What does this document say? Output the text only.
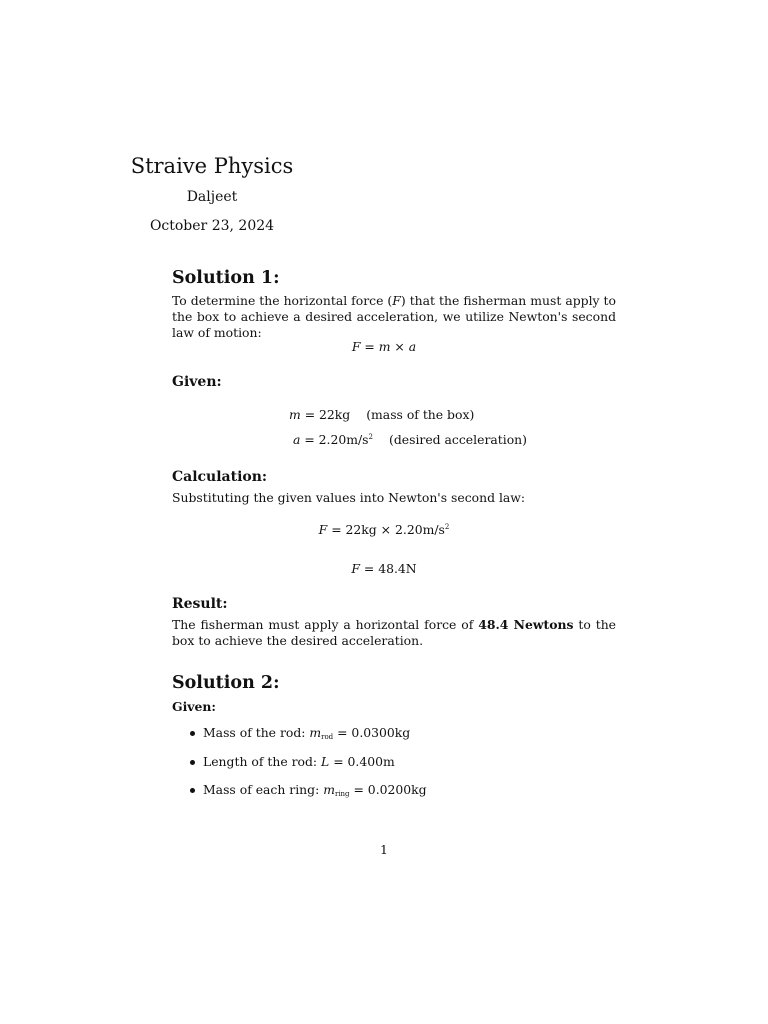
Straive Physics
Daljeet
October 23, 2024
Solution 1:

To determine the horizontal force (F) that the fisherman must apply to the box to achieve a desired acceleration, we utilize Newton's second law of motion:

F = m × a
Given:
m = 22kg (mass of the box)
$a = 2.20m/s^2$ (desired acceleration)
Calculation:
Substituting the given values into Newton's second law:
$F = 22kg \times 2.20m/s^2$
F = 48.4N
Result:

The fisherman must apply a horizontal force of 48.4 Newtons to the box to achieve the desired acceleration.

Solution 2:
Given:
Mass of the rod: $m_{rod} = 0.0300kg$
Length of the rod: L = 0.400m
Mass of each ring: $m_{ring} = 0.0200kg$
1
